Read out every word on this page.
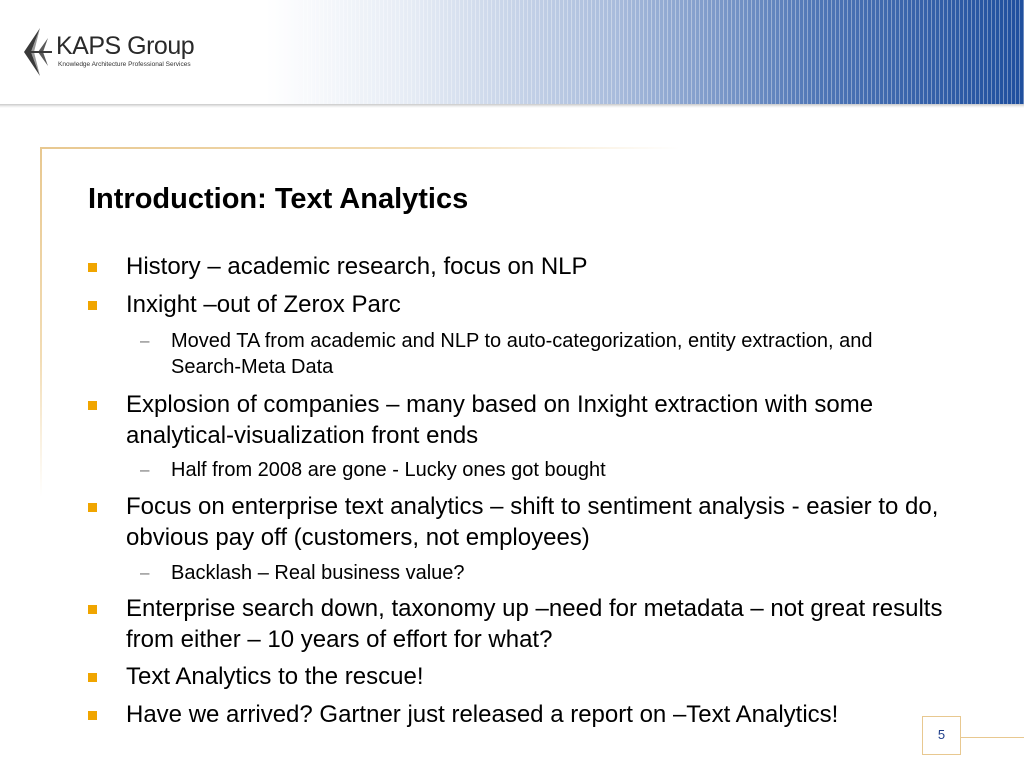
KAPS Group
Knowledge Architecture Professional Services
Introduction: Text Analytics
History – academic research, focus on NLP
Inxight –out of Zerox Parc
– Moved TA from academic and NLP to auto-categorization, entity extraction, and Search-Meta Data
Explosion of companies – many based on Inxight extraction with some analytical-visualization front ends
– Half from 2008 are gone - Lucky ones got bought
Focus on enterprise text analytics – shift to sentiment analysis - easier to do, obvious pay off (customers, not employees)
– Backlash – Real business value?
Enterprise search down, taxonomy up –need for metadata – not great results from either – 10 years of effort for what?
Text Analytics to the rescue!
Have we arrived? Gartner just released a report on –Text Analytics!
5
